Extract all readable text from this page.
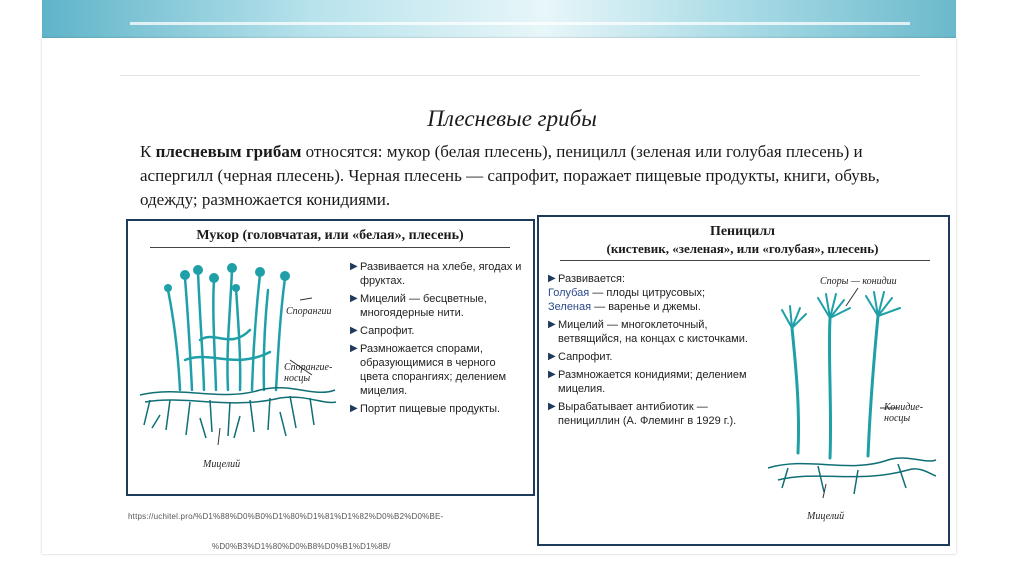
Плесневые грибы
К плесневым грибам относятся: мукор (белая плесень), пеницилл (зеленая или голубая плесень) и аспергилл (черная плесень). Черная плесень — сапрофит, поражает пищевые продукты, книги, обувь, одежду; размножается конидиями.
Мукор (головчатая, или «белая», плесень)
Спорангии
Спорангие-носцы
Мицелий
▶ Развивается на хлебе, ягодах и фруктах.
▶ Мицелий — бесцветные, многоядерные нити.
▶ Сапрофит.
▶ Размножается спорами, образующимися в черного цвета спорангиях; делением мицелия.
▶ Портит пищевые продукты.
Пеницилл
(кистевик, «зеленая», или «голубая», плесень)
▶ Развивается:
Голубая — плоды цитрусовых;
Зеленая — варенье и джемы.
▶ Мицелий — многоклеточный, ветвящийся, на концах с кисточками.
▶ Сапрофит.
▶ Размножается конидиями; делением мицелия.
▶ Вырабатывает антибиотик — пенициллин (А. Флеминг в 1929 г.).
Споры — конидии
Конидие-носцы
Мицелий
https://uchitel.pro/%D1%88%D0%B0%D1%80%D1%81%D1%82%D0%B2%D0%BE-
%D0%B3%D1%80%D0%B8%D0%B1%D1%8B/
